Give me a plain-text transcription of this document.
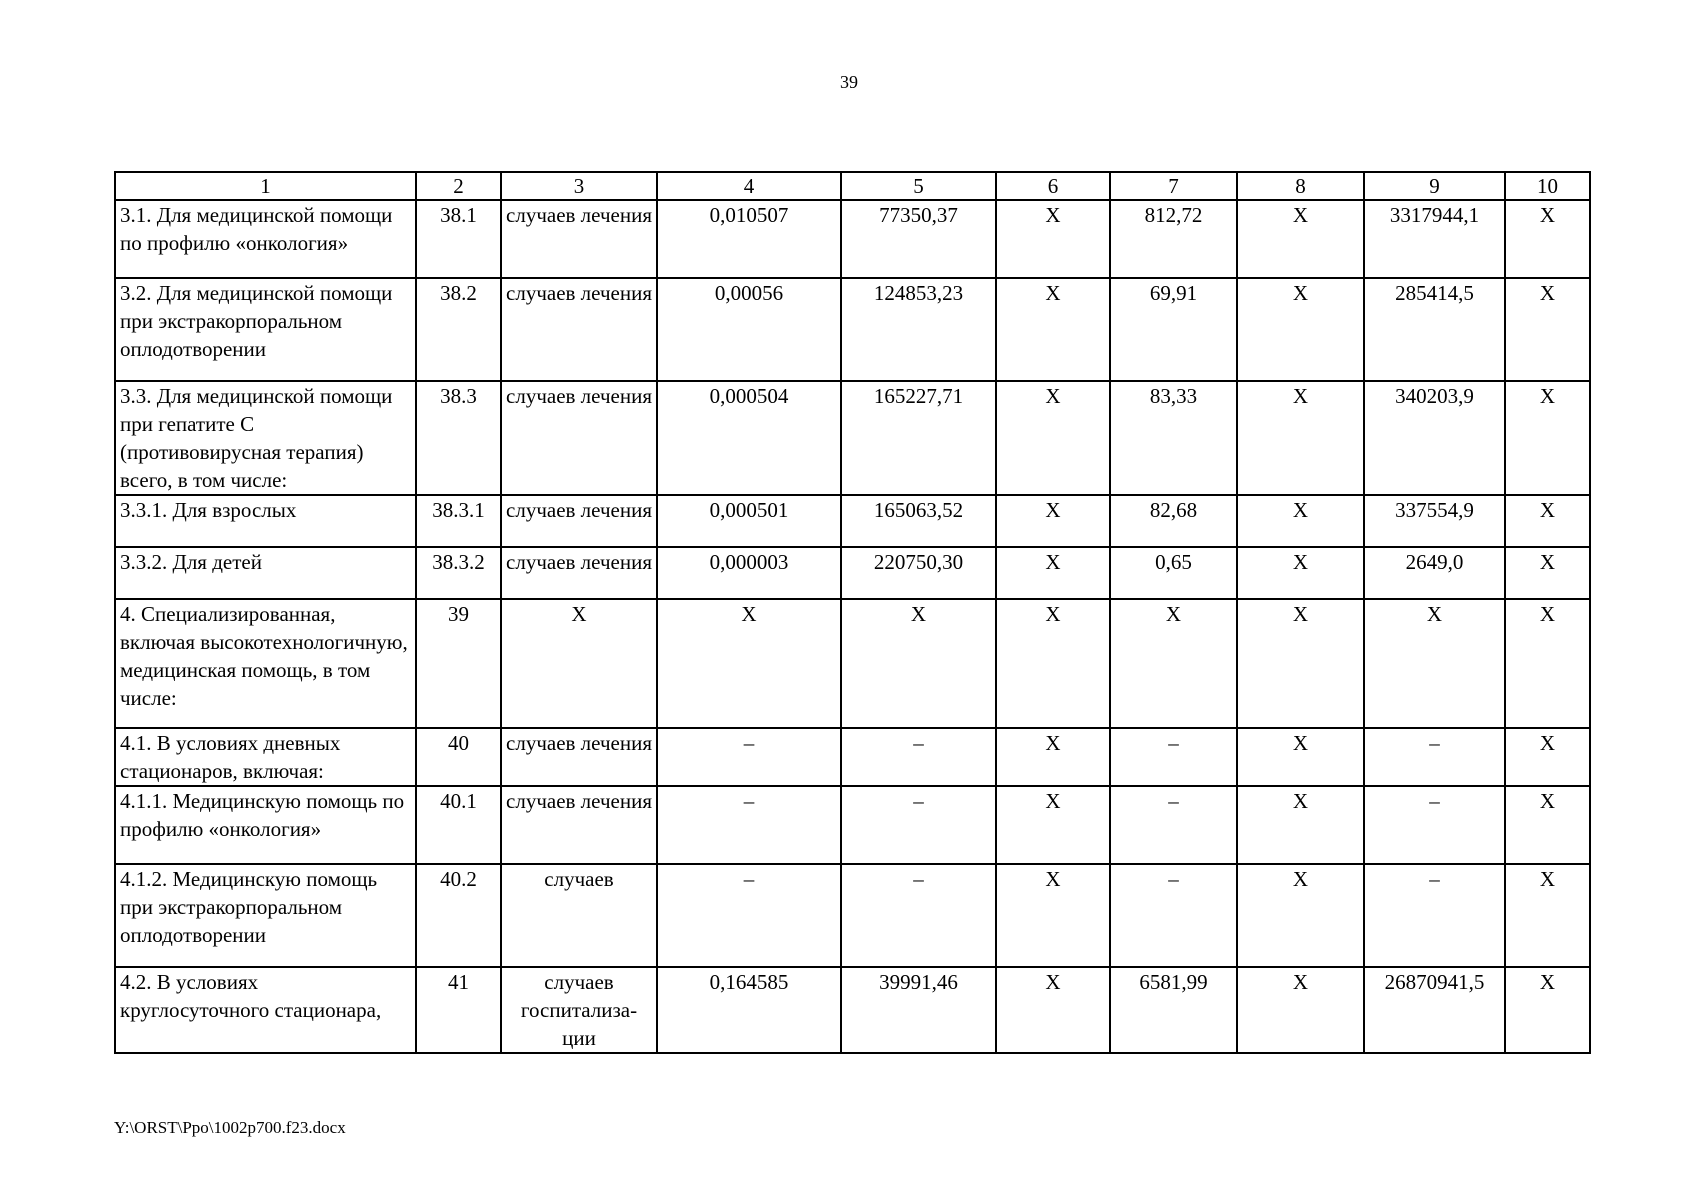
39
1	2	3	4	5	6	7	8	9	10
3.1. Для медицинской помощи по профилю «онкология»	38.1	случаев лечения	0,010507	77350,37	X	812,72	X	3317944,1	X
3.2. Для медицинской помощи при экстракорпоральном оплодотворении	38.2	случаев лечения	0,00056	124853,23	X	69,91	X	285414,5	X
3.3. Для медицинской помощи при гепатите C (противовирусная терапия) всего, в том числе:	38.3	случаев лечения	0,000504	165227,71	X	83,33	X	340203,9	X
3.3.1. Для взрослых	38.3.1	случаев лечения	0,000501	165063,52	X	82,68	X	337554,9	X
3.3.2. Для детей	38.3.2	случаев лечения	0,000003	220750,30	X	0,65	X	2649,0	X
4. Специализированная, включая высокотехнологичную, медицинская помощь, в том числе:	39	X	X	X	X	X	X	X	X
4.1. В условиях дневных стационаров, включая:	40	случаев лечения	–	–	X	–	X	–	X
4.1.1. Медицинскую помощь по профилю «онкология»	40.1	случаев лечения	–	–	X	–	X	–	X
4.1.2. Медицинскую помощь при экстракорпоральном оплодотворении	40.2	случаев	–	–	X	–	X	–	X
4.2. В условиях круглосуточного стационара,	41	случаев госпитализа-ции	0,164585	39991,46	X	6581,99	X	26870941,5	X
Y:\ORST\Ppo\1002p700.f23.docx
